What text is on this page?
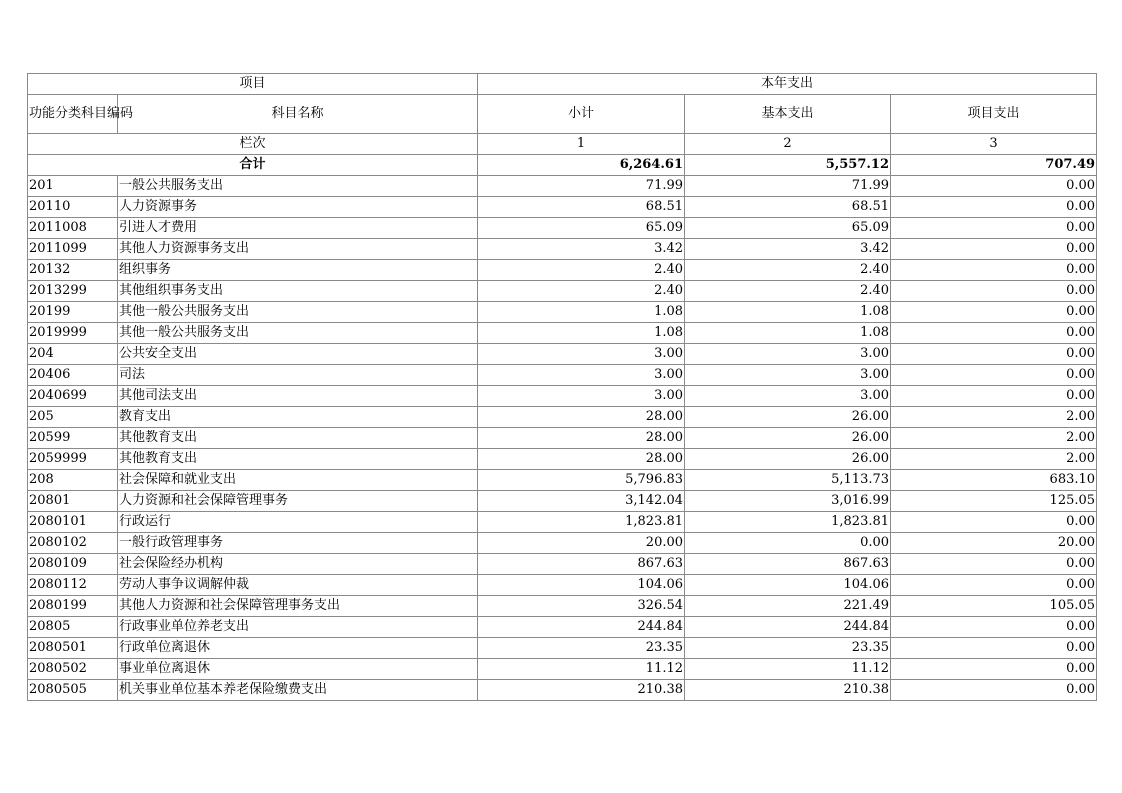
项目		本年支出		
功能分类科目编码	科目名称	小计	基本支出	项目支出
栏次		1	2	3
合计		6,264.61	5,557.12	707.49
201	一般公共服务支出	71.99	71.99	0.00
20110	人力资源事务	68.51	68.51	0.00
2011008	引进人才费用	65.09	65.09	0.00
2011099	其他人力资源事务支出	3.42	3.42	0.00
20132	组织事务	2.40	2.40	0.00
2013299	其他组织事务支出	2.40	2.40	0.00
20199	其他一般公共服务支出	1.08	1.08	0.00
2019999	其他一般公共服务支出	1.08	1.08	0.00
204	公共安全支出	3.00	3.00	0.00
20406	司法	3.00	3.00	0.00
2040699	其他司法支出	3.00	3.00	0.00
205	教育支出	28.00	26.00	2.00
20599	其他教育支出	28.00	26.00	2.00
2059999	其他教育支出	28.00	26.00	2.00
208	社会保障和就业支出	5,796.83	5,113.73	683.10
20801	人力资源和社会保障管理事务	3,142.04	3,016.99	125.05
2080101	行政运行	1,823.81	1,823.81	0.00
2080102	一般行政管理事务	20.00	0.00	20.00
2080109	社会保险经办机构	867.63	867.63	0.00
2080112	劳动人事争议调解仲裁	104.06	104.06	0.00
2080199	其他人力资源和社会保障管理事务支出	326.54	221.49	105.05
20805	行政事业单位养老支出	244.84	244.84	0.00
2080501	行政单位离退休	23.35	23.35	0.00
2080502	事业单位离退休	11.12	11.12	0.00
2080505	机关事业单位基本养老保险缴费支出	210.38	210.38	0.00
